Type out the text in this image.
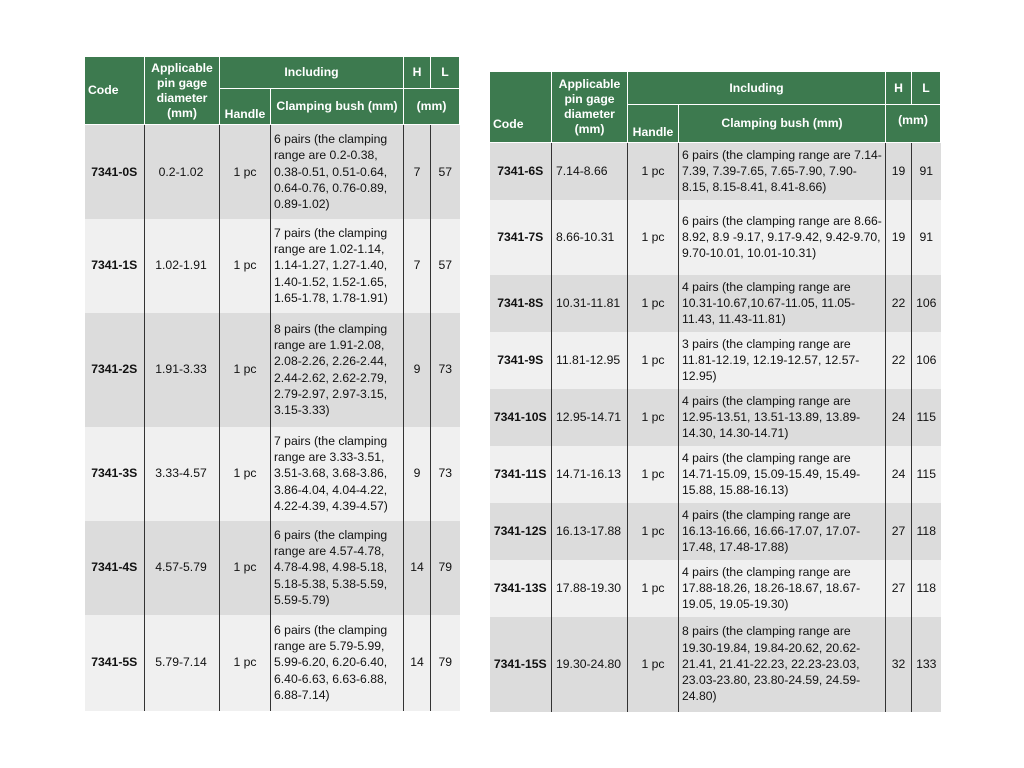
Code	Applicable pin gage diameter (mm)	Including		H	L
		Handle	Clamping bush (mm)	(mm)	
7341-0S	0.2-1.02	1 pc	6 pairs (the clamping range are 0.2-0.38, 0.38-0.51, 0.51-0.64, 0.64-0.76, 0.76-0.89, 0.89-1.02)	7	57
7341-1S	1.02-1.91	1 pc	7 pairs (the clamping range are 1.02-1.14, 1.14-1.27, 1.27-1.40, 1.40-1.52, 1.52-1.65, 1.65-1.78, 1.78-1.91)	7	57
7341-2S	1.91-3.33	1 pc	8 pairs (the clamping range are 1.91-2.08, 2.08-2.26, 2.26-2.44, 2.44-2.62, 2.62-2.79, 2.79-2.97, 2.97-3.15, 3.15-3.33)	9	73
7341-3S	3.33-4.57	1 pc	7 pairs (the clamping range are 3.33-3.51, 3.51-3.68, 3.68-3.86, 3.86-4.04, 4.04-4.22, 4.22-4.39, 4.39-4.57)	9	73
7341-4S	4.57-5.79	1 pc	6 pairs (the clamping range are 4.57-4.78, 4.78-4.98, 4.98-5.18, 5.18-5.38, 5.38-5.59, 5.59-5.79)	14	79
7341-5S	5.79-7.14	1 pc	6 pairs (the clamping range are 5.79-5.99, 5.99-6.20, 6.20-6.40, 6.40-6.63, 6.63-6.88, 6.88-7.14)	14	79
Code	Applicable pin gage diameter (mm)	Including		H	L
		Handle	Clamping bush (mm)	(mm)	
7341-6S	7.14-8.66	1 pc	6 pairs (the clamping range are 7.14-7.39, 7.39-7.65, 7.65-7.90, 7.90-8.15, 8.15-8.41, 8.41-8.66)	19	91
7341-7S	8.66-10.31	1 pc	6 pairs (the clamping range are 8.66-8.92, 8.9 -9.17, 9.17-9.42, 9.42-9.70, 9.70-10.01, 10.01-10.31)	19	91
7341-8S	10.31-11.81	1 pc	4 pairs (the clamping range are 10.31-10.67,10.67-11.05, 11.05-11.43, 11.43-11.81)	22	106
7341-9S	11.81-12.95	1 pc	3 pairs (the clamping range are 11.81-12.19, 12.19-12.57, 12.57-12.95)	22	106
7341-10S	12.95-14.71	1 pc	4 pairs (the clamping range are 12.95-13.51, 13.51-13.89, 13.89-14.30, 14.30-14.71)	24	115
7341-11S	14.71-16.13	1 pc	4 pairs (the clamping range are 14.71-15.09, 15.09-15.49, 15.49-15.88, 15.88-16.13)	24	115
7341-12S	16.13-17.88	1 pc	4 pairs (the clamping range are 16.13-16.66, 16.66-17.07, 17.07-17.48, 17.48-17.88)	27	118
7341-13S	17.88-19.30	1 pc	4 pairs (the clamping range are 17.88-18.26, 18.26-18.67, 18.67-19.05, 19.05-19.30)	27	118
7341-15S	19.30-24.80	1 pc	8 pairs (the clamping range are 19.30-19.84, 19.84-20.62, 20.62-21.41, 21.41-22.23, 22.23-23.03, 23.03-23.80, 23.80-24.59, 24.59-24.80)	32	133
